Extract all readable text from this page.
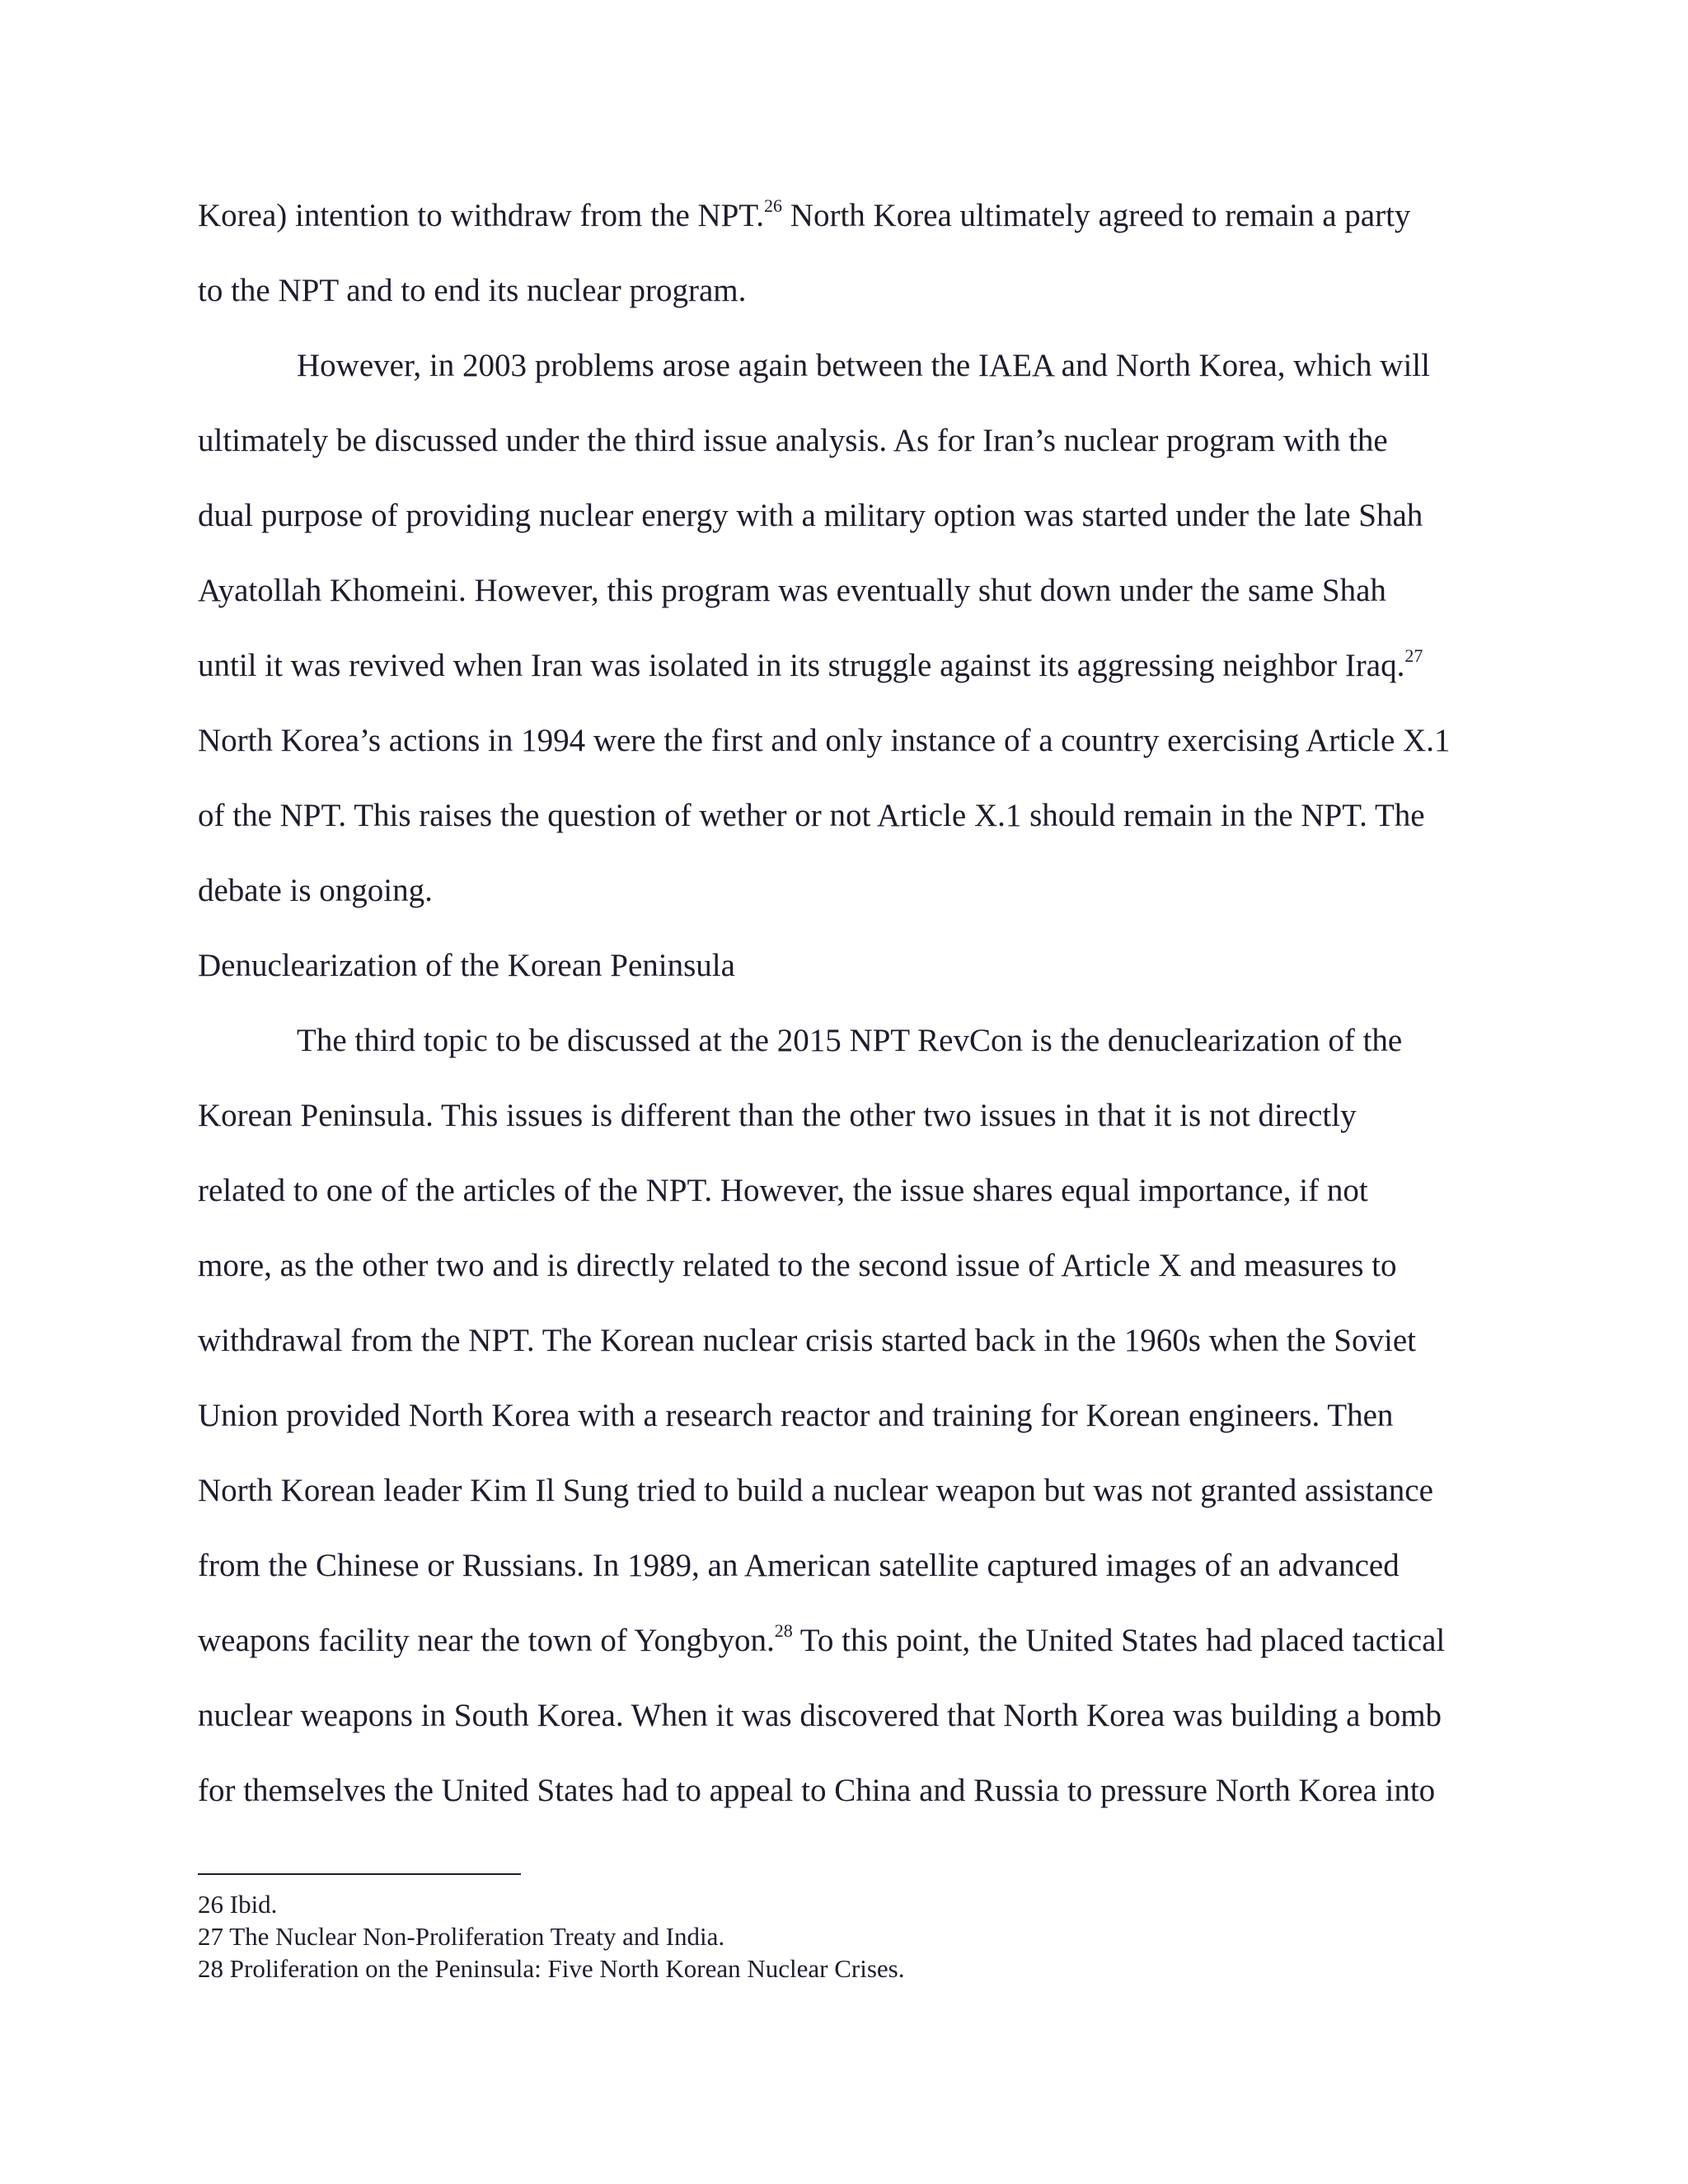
Korea) intention to withdraw from the NPT.$^{26}$ North Korea ultimately agreed to remain a party
to the NPT and to end its nuclear program.
However, in 2003 problems arose again between the IAEA and North Korea, which will
ultimately be discussed under the third issue analysis. As for Iran’s nuclear program with the
dual purpose of providing nuclear energy with a military option was started under the late Shah
Ayatollah Khomeini. However, this program was eventually shut down under the same Shah
until it was revived when Iran was isolated in its struggle against its aggressing neighbor Iraq.$^{27}$
North Korea’s actions in 1994 were the first and only instance of a country exercising Article X.1
of the NPT. This raises the question of wether or not Article X.1 should remain in the NPT. The
debate is ongoing.
Denuclearization of the Korean Peninsula
The third topic to be discussed at the 2015 NPT RevCon is the denuclearization of the
Korean Peninsula. This issues is different than the other two issues in that it is not directly
related to one of the articles of the NPT. However, the issue shares equal importance, if not
more, as the other two and is directly related to the second issue of Article X and measures to
withdrawal from the NPT. The Korean nuclear crisis started back in the 1960s when the Soviet
Union provided North Korea with a research reactor and training for Korean engineers. Then
North Korean leader Kim Il Sung tried to build a nuclear weapon but was not granted assistance
from the Chinese or Russians. In 1989, an American satellite captured images of an advanced
weapons facility near the town of Yongbyon.$^{28}$ To this point, the United States had placed tactical
nuclear weapons in South Korea. When it was discovered that North Korea was building a bomb
for themselves the United States had to appeal to China and Russia to pressure North Korea into
26 Ibid.
27 The Nuclear Non-Proliferation Treaty and India.
28 Proliferation on the Peninsula: Five North Korean Nuclear Crises.
